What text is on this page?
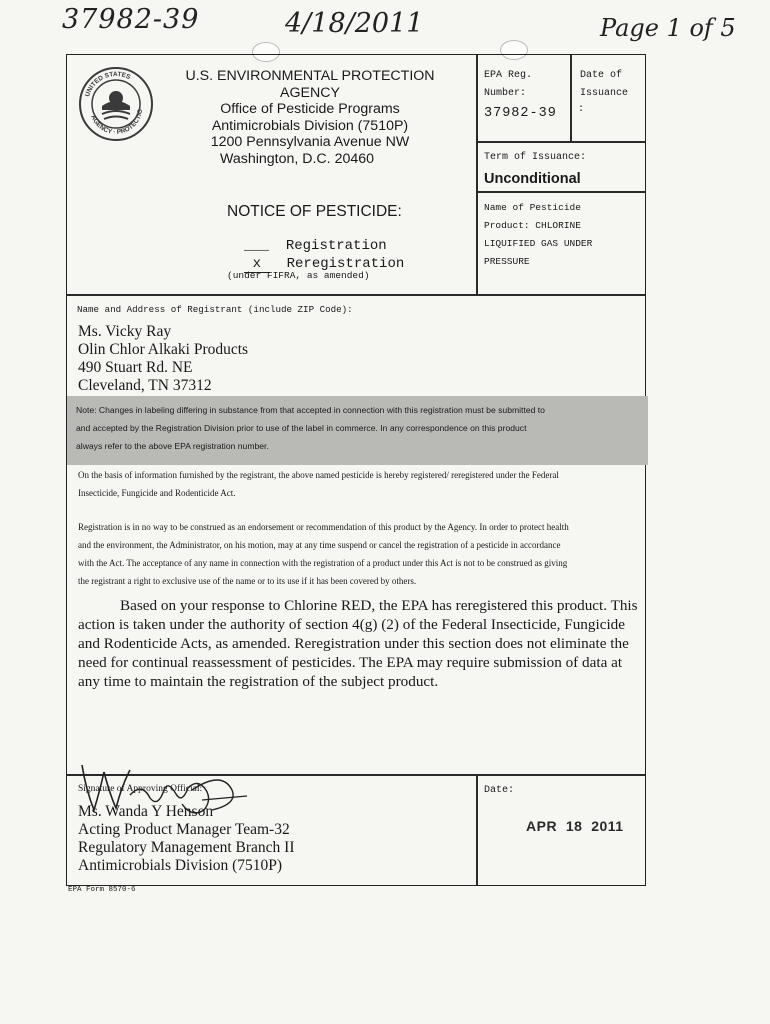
37982-39	4/18/2011	Page 1 of 5
UNITED STATES
AGENCY · PROTECTIO
U.S. ENVIRONMENTAL PROTECTION
AGENCY
Office of Pesticide Programs
Antimicrobials Division (7510P)
1200 Pennsylvania Avenue NW
Washington, D.C. 20460
EPA Reg.
Number:
37982-39
Date of
Issuance
:
Term of Issuance:
Unconditional
Name of Pesticide
Product: CHLORINE
LIQUIFIED GAS UNDER
PRESSURE
NOTICE OF PESTICIDE:

___ Registration

x Reregistration

(under FIFRA, as amended)
Name and Address of Registrant (include ZIP Code):
Ms. Vicky Ray
Olin Chlor Alkaki Products
490 Stuart Rd. NE
Cleveland, TN 37312
Note: Changes in labeling differing in substance from that accepted in connection with this registration must be submitted to
and accepted by the Registration Division prior to use of the label in commerce. In any correspondence on this product
always refer to the above EPA registration number.
On the basis of information furnished by the registrant, the above named pesticide is hereby registered/ reregistered under the Federal
Insecticide, Fungicide and Rodenticide Act.
Registration is in no way to be construed as an endorsement or recommendation of this product by the Agency. In order to protect health
and the environment, the Administrator, on his motion, may at any time suspend or cancel the registration of a pesticide in accordance
with the Act. The acceptance of any name in connection with the registration of a product under this Act is not to be construed as giving
the registrant a right to exclusive use of the name or to its use if it has been covered by others.
Based on your response to Chlorine RED, the EPA has reregistered this product. This
action is taken under the authority of section 4(g) (2) of the Federal Insecticide, Fungicide
and Rodenticide Acts, as amended. Reregistration under this section does not eliminate the
need for continual reassessment of pesticides. The EPA may require submission of data at
any time to maintain the registration of the subject product.
Signature of Approving Official:
Ms. Wanda Y Henson
Acting Product Manager Team-32
Regulatory Management Branch II
Antimicrobials Division (7510P)
Date:
APR  18  2011
EPA Form 8570-6
